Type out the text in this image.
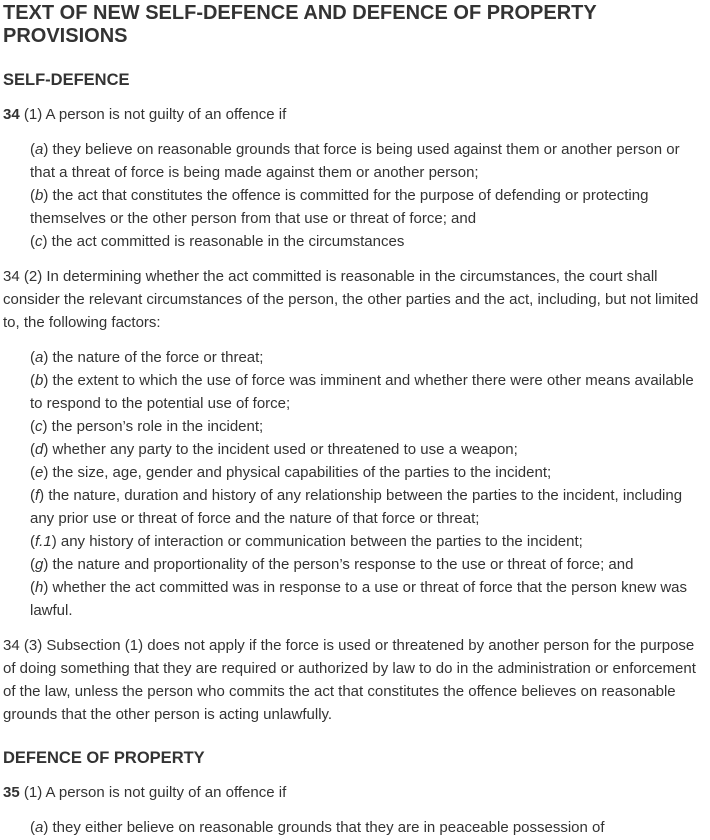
TEXT OF NEW SELF-DEFENCE AND DEFENCE OF PROPERTY PROVISIONS
SELF-DEFENCE

34 (1) A person is not guilty of an offence if

(a) they believe on reasonable grounds that force is being used against them or another person or that a threat of force is being made against them or another person;
(b) the act that constitutes the offence is committed for the purpose of defending or protecting themselves or the other person from that use or threat of force; and
(c) the act committed is reasonable in the circumstances

34 (2) In determining whether the act committed is reasonable in the circumstances, the court shall consider the relevant circumstances of the person, the other parties and the act, including, but not limited to, the following factors:

(a) the nature of the force or threat;
(b) the extent to which the use of force was imminent and whether there were other means available to respond to the potential use of force;
(c) the person’s role in the incident;
(d) whether any party to the incident used or threatened to use a weapon;
(e) the size, age, gender and physical capabilities of the parties to the incident;
(f) the nature, duration and history of any relationship between the parties to the incident, including any prior use or threat of force and the nature of that force or threat;
(f.1) any history of interaction or communication between the parties to the incident;
(g) the nature and proportionality of the person’s response to the use or threat of force; and
(h) whether the act committed was in response to a use or threat of force that the person knew was lawful.

34 (3) Subsection (1) does not apply if the force is used or threatened by another person for the purpose of doing something that they are required or authorized by law to do in the administration or enforcement of the law, unless the person who commits the act that constitutes the offence believes on reasonable grounds that the other person is acting unlawfully.

DEFENCE OF PROPERTY

35 (1) A person is not guilty of an offence if

(a) they either believe on reasonable grounds that they are in peaceable possession of
